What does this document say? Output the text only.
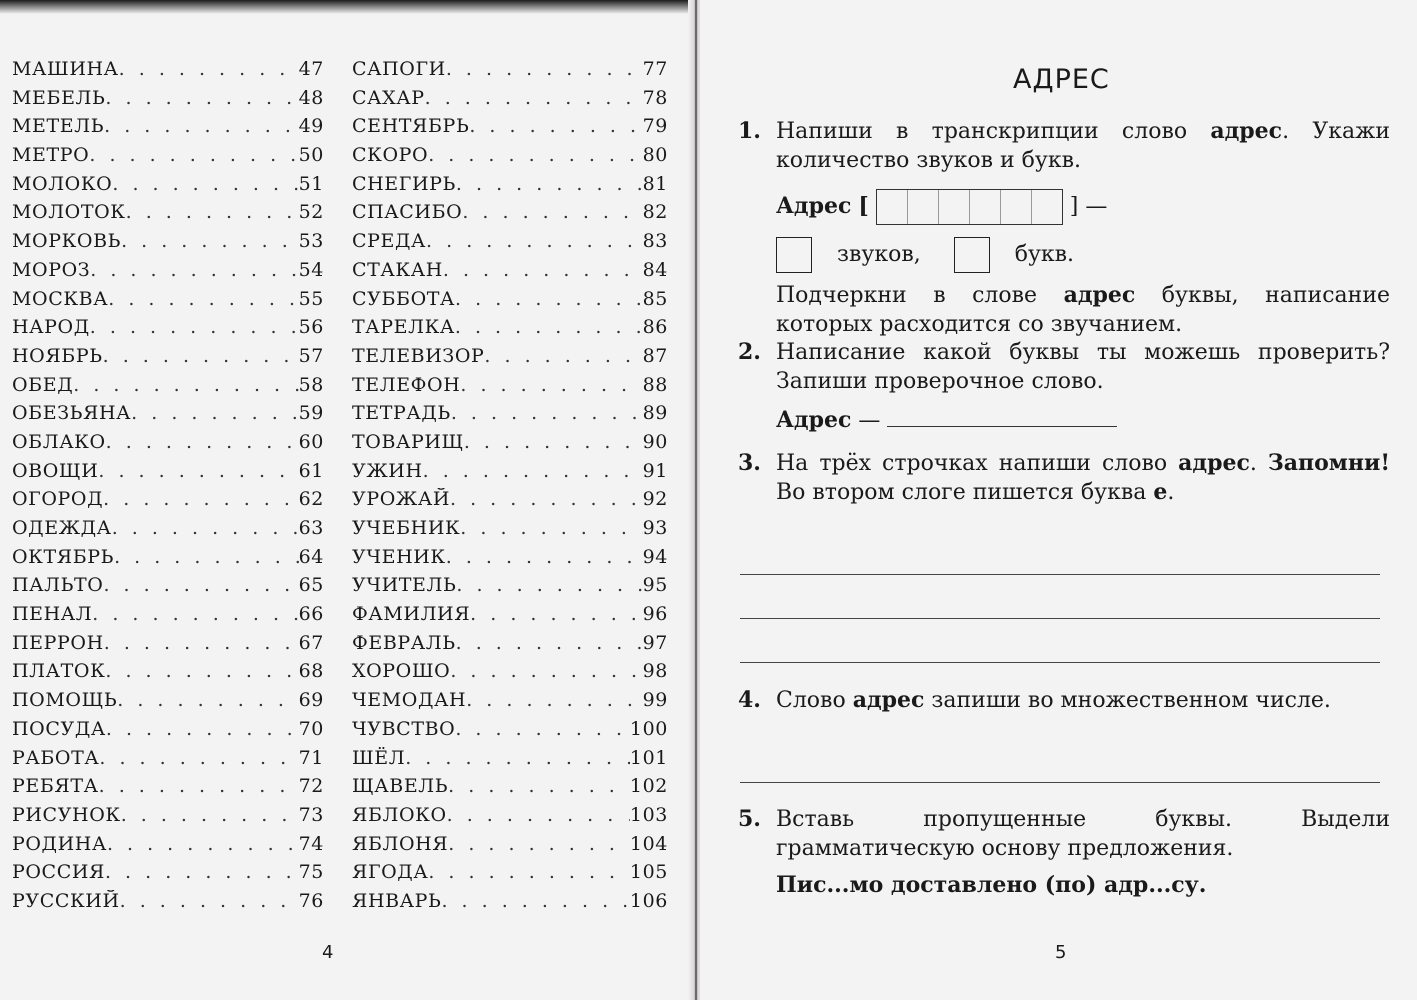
МАШИНА . . .	47
МЕБЕЛЬ . . .	48
МЕТЕЛЬ . . .	49
МЕТРО . . .	50
МОЛОКО . . .	51
МОЛОТОК . . .	52
МОРКОВЬ . . .	53
МОРОЗ . . .	54
МОСКВА . . .	55
НАРОД . . .	56
НОЯБРЬ . . .	57
ОБЕД . . .	58
ОБЕЗЬЯНА . . .	59
ОБЛАКО . . .	60
ОВОЩИ . . .	61
ОГОРОД . . .	62
ОДЕЖДА . . .	63
ОКТЯБРЬ . . .	64
ПАЛЬТО . . .	65
ПЕНАЛ . . .	66
ПЕРРОН . . .	67
ПЛАТОК . . .	68
ПОМОЩЬ . . .	69
ПОСУДА . . .	70
РАБОТА . . .	71
РЕБЯТА . . .	72
РИСУНОК . . .	73
РОДИНА . . .	74
РОССИЯ . . .	75
РУССКИЙ . . .	76
САПОГИ . . .	77
САХАР . . .	78
СЕНТЯБРЬ . . .	79
СКОРО . . .	80
СНЕГИРЬ . . .	81
СПАСИБО . . .	82
СРЕДА . . .	83
СТАКАН . . .	84
СУББОТА . . .	85
ТАРЕЛКА . . .	86
ТЕЛЕВИЗОР . . .	87
ТЕЛЕФОН . . .	88
ТЕТРАДЬ . . .	89
ТОВАРИЩ . . .	90
УЖИН . . .	91
УРОЖАЙ . . .	92
УЧЕБНИК . . .	93
УЧЕНИК . . .	94
УЧИТЕЛЬ . . .	95
ФАМИЛИЯ . . .	96
ФЕВРАЛЬ . . .	97
ХОРОШО . . .	98
ЧЕМОДАН . . .	99
ЧУВСТВО . . .	100
ШЁЛ . . .	101
ЩАВЕЛЬ . . .	102
ЯБЛОКО . . .	103
ЯБЛОНЯ . . .	104
ЯГОДА . . .	105
ЯНВАРЬ . . .	106
4
АДРЕС
1. Напиши в транскрипции слово адрес. Укажи количество звуков и букв.
Адрес [	] —
звуков,	букв.
Подчеркни в слове адрес буквы, написание которых расходится со звучанием.
2. Написание какой буквы ты можешь проверить? Запиши проверочное слово.
Адрес —
3. На трёх строчках напиши слово адрес. Запомни! Во втором слоге пишется буква е.
4. Слово адрес запиши во множественном числе.
5. Вставь пропущенные буквы. Выдели грамматическую основу предложения.
Пис...мо доставлено (по) адр...су.
5
